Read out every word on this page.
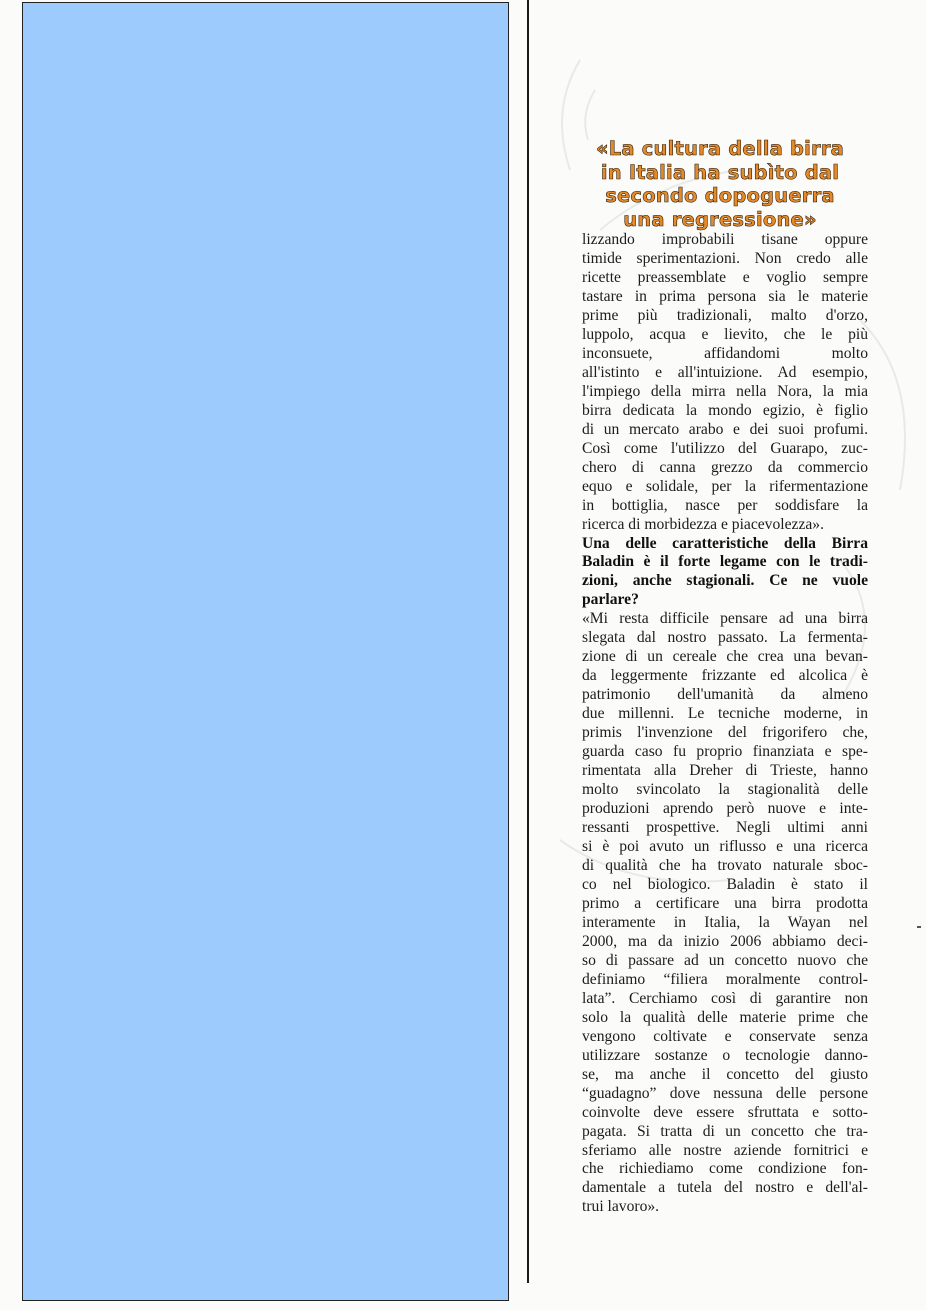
«La cultura della birra
in Italia ha subìto dal
secondo dopoguerra
una regressione»
lizzando improbabili tisane oppure
timide sperimentazioni. Non credo alle
ricette preassemblate e voglio sempre
tastare in prima persona sia le materie
prime più tradizionali, malto d'orzo,
luppolo, acqua e lievito, che le più
inconsuete, affidandomi molto
all'istinto e all'intuizione. Ad esempio,
l'impiego della mirra nella Nora, la mia
birra dedicata la mondo egizio, è figlio
di un mercato arabo e dei suoi profumi.
Così come l'utilizzo del Guarapo, zuc-
chero di canna grezzo da commercio
equo e solidale, per la rifermentazione
in bottiglia, nasce per soddisfare la
ricerca di morbidezza e piacevolezza».
Una delle caratteristiche della Birra
Baladin è il forte legame con le tradi-
zioni, anche stagionali. Ce ne vuole
parlare?
«Mi resta difficile pensare ad una birra
slegata dal nostro passato. La fermenta-
zione di un cereale che crea una bevan-
da leggermente frizzante ed alcolica è
patrimonio dell'umanità da almeno
due millenni. Le tecniche moderne, in
primis l'invenzione del frigorifero che,
guarda caso fu proprio finanziata e spe-
rimentata alla Dreher di Trieste, hanno
molto svincolato la stagionalità delle
produzioni aprendo però nuove e inte-
ressanti prospettive. Negli ultimi anni
si è poi avuto un riflusso e una ricerca
di qualità che ha trovato naturale sboc-
co nel biologico. Baladin è stato il
primo a certificare una birra prodotta
interamente in Italia, la Wayan nel
2000, ma da inizio 2006 abbiamo deci-
so di passare ad un concetto nuovo che
definiamo “filiera moralmente control-
lata”. Cerchiamo così di garantire non
solo la qualità delle materie prime che
vengono coltivate e conservate senza
utilizzare sostanze o tecnologie danno-
se, ma anche il concetto del giusto
“guadagno” dove nessuna delle persone
coinvolte deve essere sfruttata e sotto-
pagata. Si tratta di un concetto che tra-
sferiamo alle nostre aziende fornitrici e
che richiediamo come condizione fon-
damentale a tutela del nostro e dell'al-
trui lavoro».
